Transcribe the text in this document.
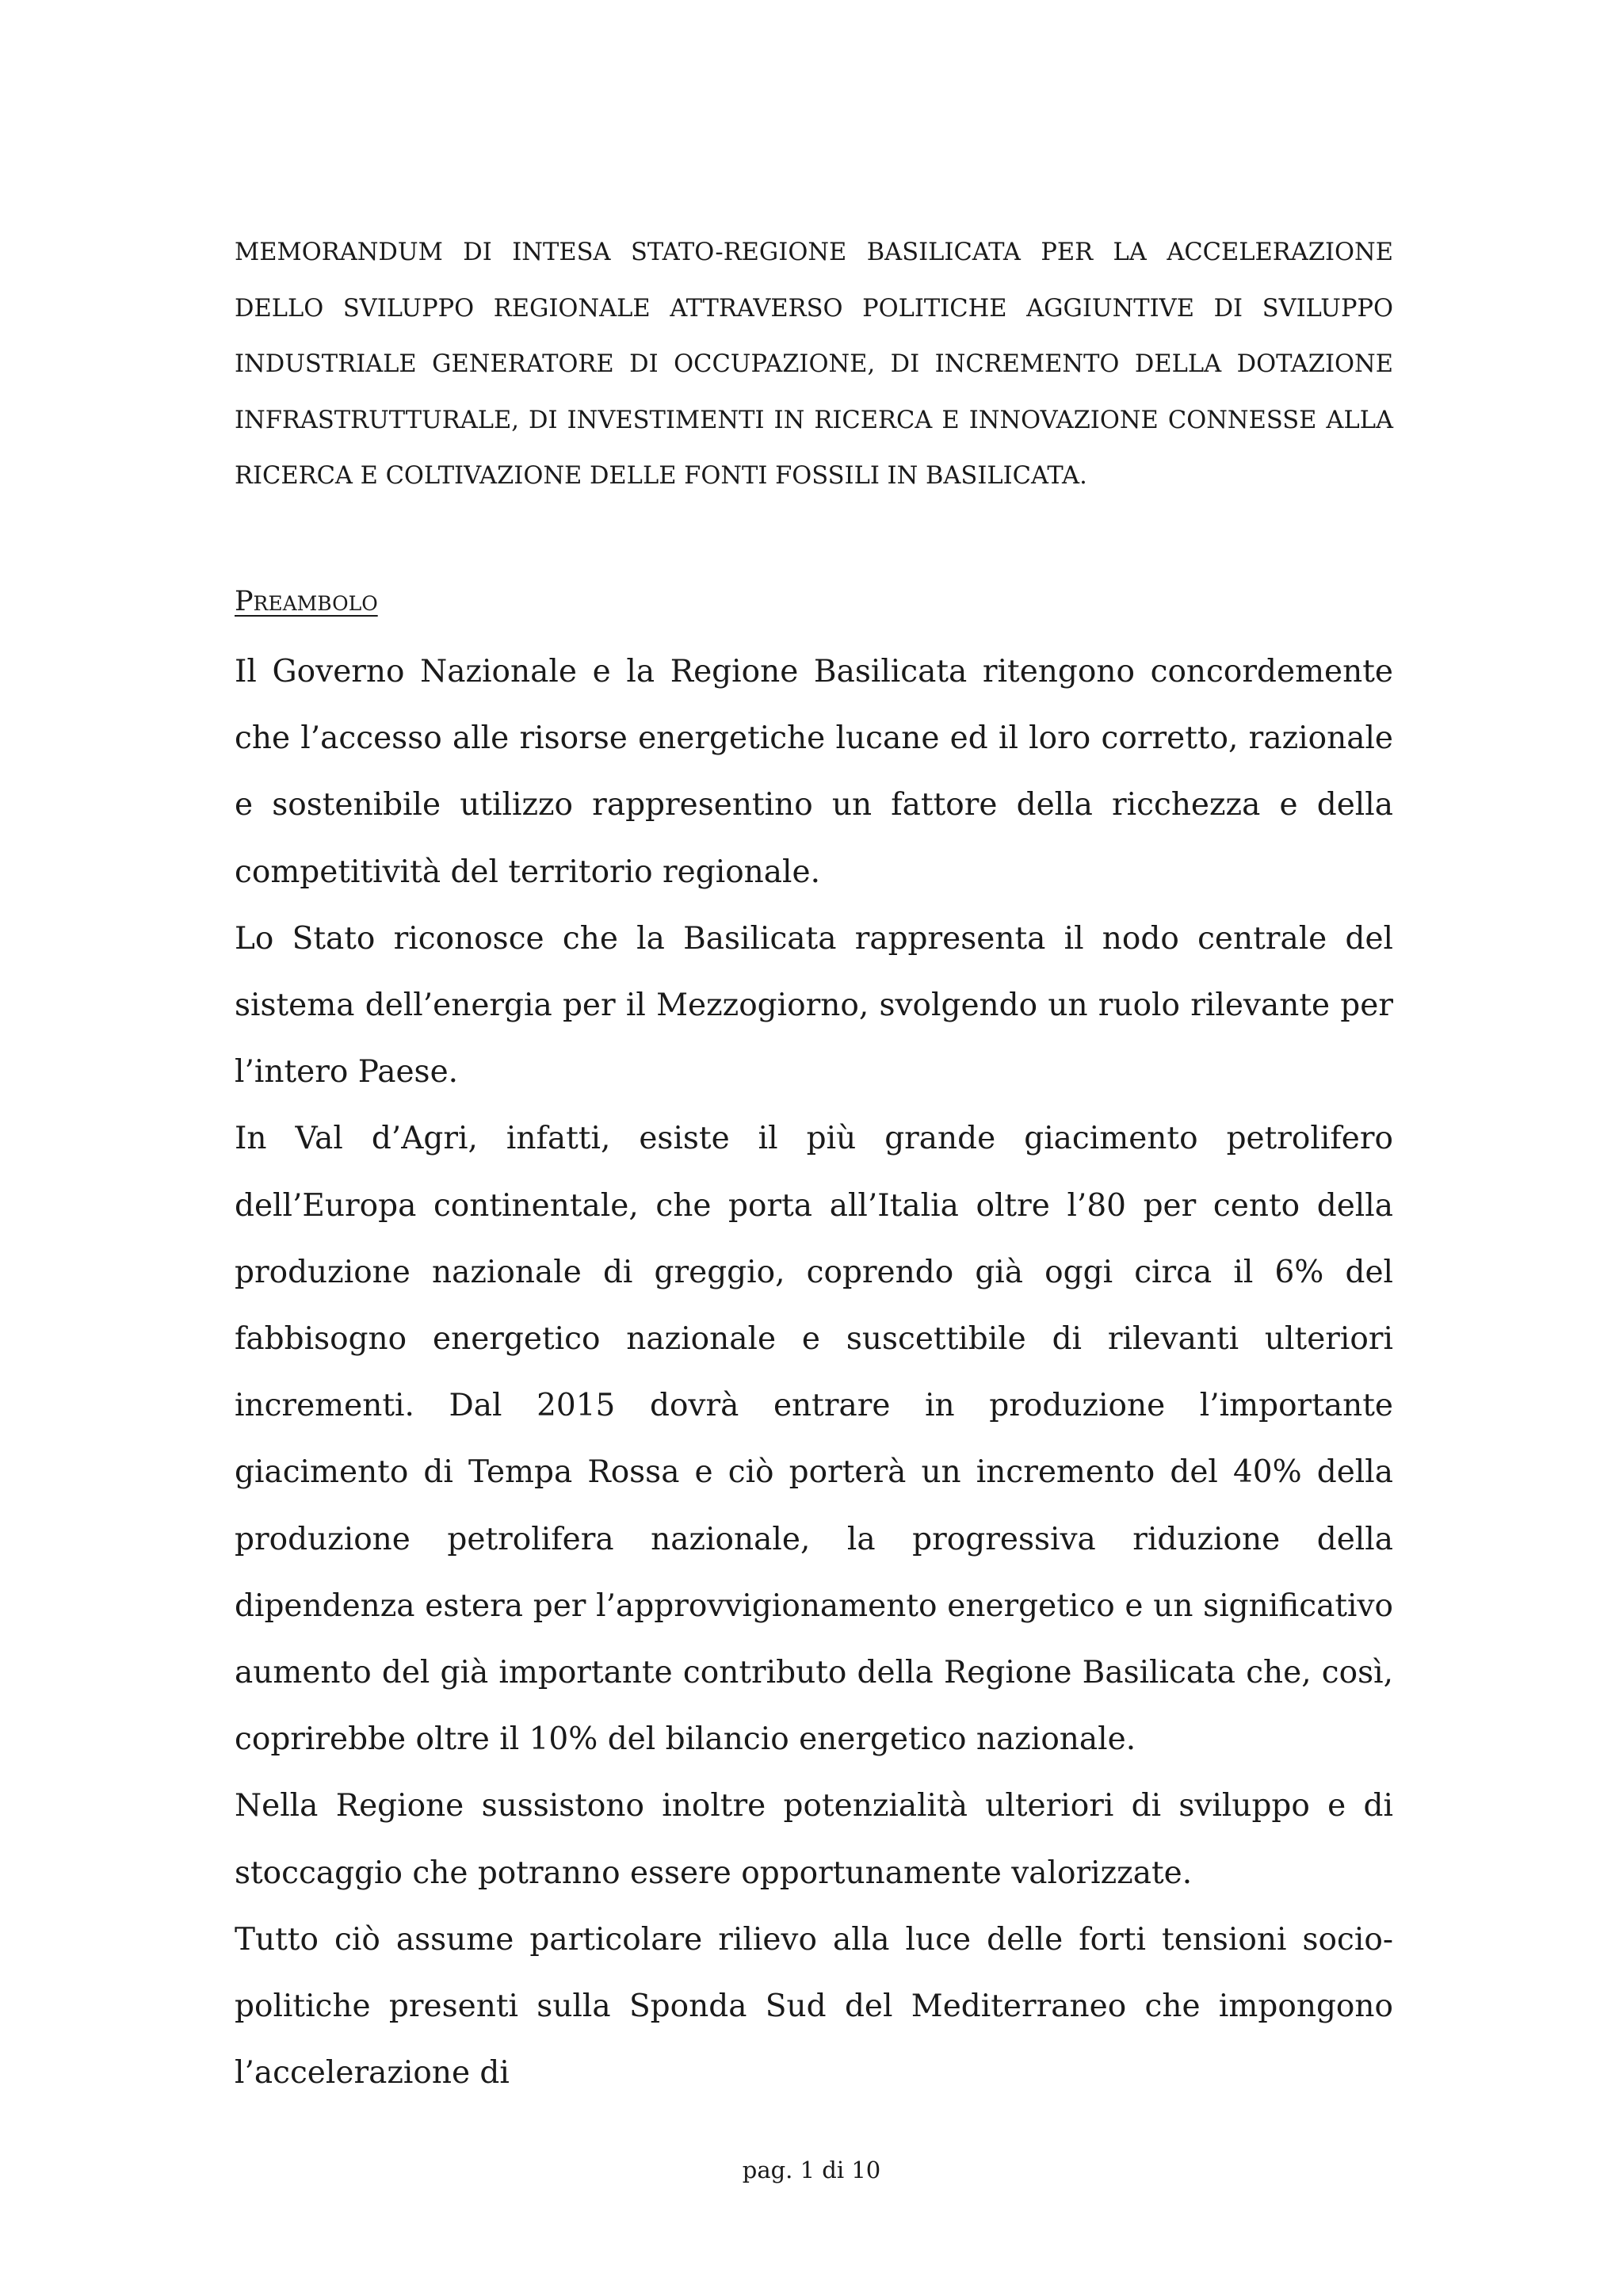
MEMORANDUM DI INTESA STATO-REGIONE BASILICATA PER LA ACCELERAZIONE DELLO SVILUPPO REGIONALE ATTRAVERSO POLITICHE AGGIUNTIVE DI SVILUPPO INDUSTRIALE GENERATORE DI OCCUPAZIONE, DI INCREMENTO DELLA DOTAZIONE INFRASTRUTTURALE, DI INVESTIMENTI IN RICERCA E INNOVAZIONE CONNESSE ALLA RICERCA E COLTIVAZIONE DELLE FONTI FOSSILI IN BASILICATA.
Preambolo

Il Governo Nazionale e la Regione Basilicata ritengono concordemente che l’accesso alle risorse energetiche lucane ed il loro corretto, razionale e sostenibile utilizzo rappresentino un fattore della ricchezza e della competitività del territorio regionale.

Lo Stato riconosce che la Basilicata rappresenta il nodo centrale del sistema dell’energia per il Mezzogiorno, svolgendo un ruolo rilevante per l’intero Paese.

In Val d’Agri, infatti, esiste il più grande giacimento petrolifero dell’Europa continentale, che porta all’Italia oltre l’80 per cento della produzione nazionale di greggio, coprendo già oggi circa il 6% del fabbisogno energetico nazionale e suscettibile di rilevanti ulteriori incrementi. Dal 2015 dovrà entrare in produzione l’importante giacimento di Tempa Rossa e ciò porterà un incremento del 40% della produzione petrolifera nazionale, la progressiva riduzione della dipendenza estera per l’approvvigionamento energetico e un significativo aumento del già importante contributo della Regione Basilicata che, così, coprirebbe oltre il 10% del bilancio energetico nazionale.

Nella Regione sussistono inoltre potenzialità ulteriori di sviluppo e di stoccaggio che potranno essere opportunamente valorizzate.

Tutto ciò assume particolare rilievo alla luce delle forti tensioni socio-politiche presenti sulla Sponda Sud del Mediterraneo che impongono l’accelerazione di

pag. 1 di 10
